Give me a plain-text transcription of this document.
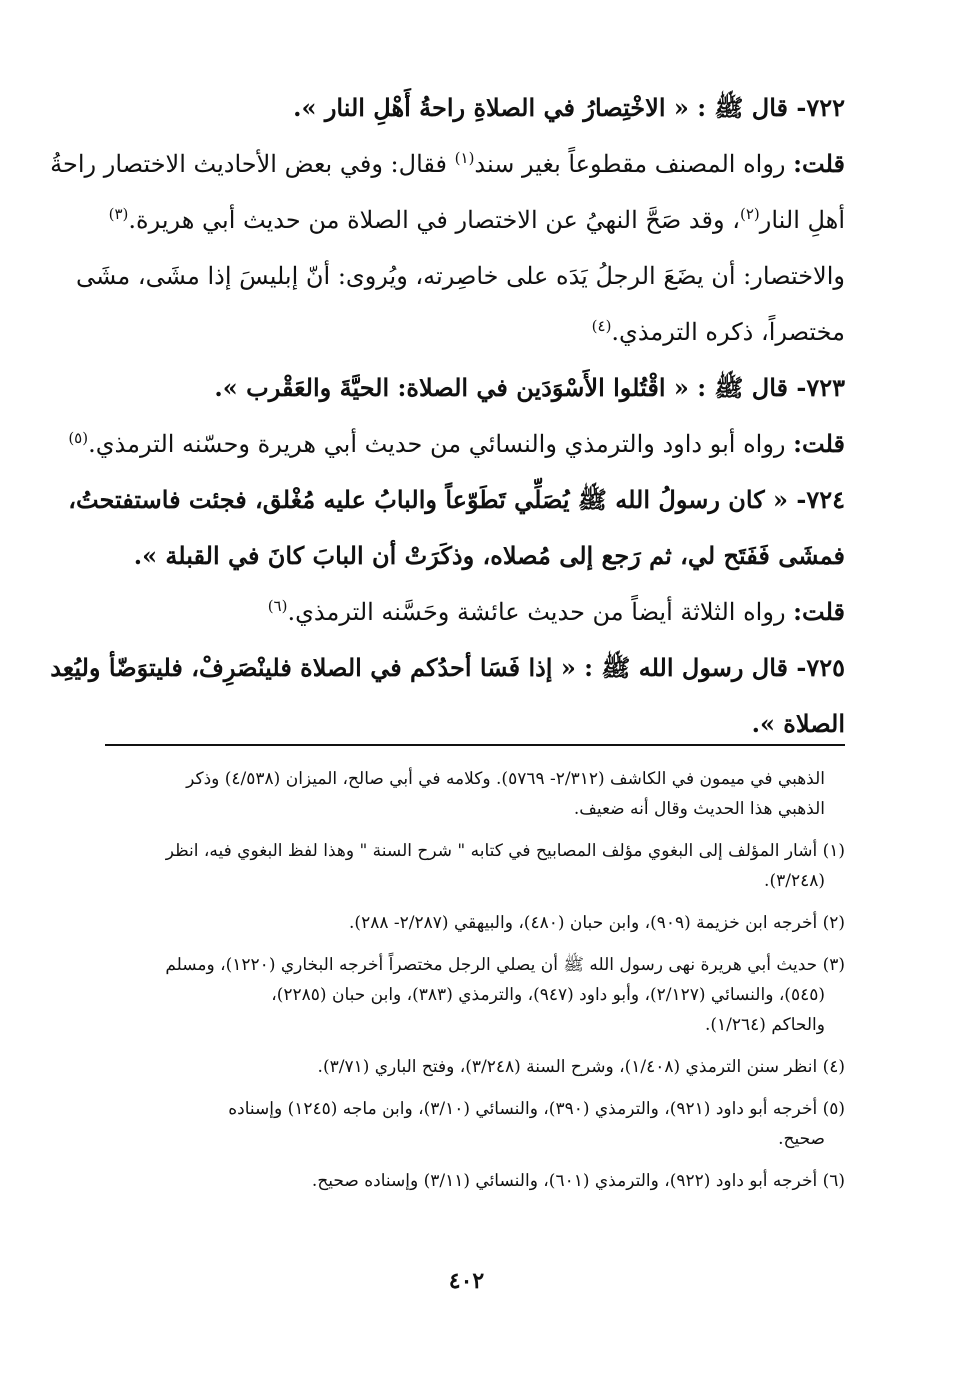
٧٢٢- قال ﷺ : « الاخْتِصارُ في الصلاةِ راحةُ أَهْلِ النار ».
قلت: رواه المصنف مقطوعاً بغير سند$^{(١)}$ فقال: وفي بعض الأحاديث الاختصار راحةُ
أهلِ النار$^{(٢)}$، وقد صَحَّ النهيُ عن الاختصار في الصلاة من حديث أبي هريرة.$^{(٣)}$
والاختصار: أن يضَعَ الرجلُ يَدَه على خاصِرته، ويُروى: أنّ إبليسَ إذا مشَى، مشَى
مختصراً، ذكره الترمذي.$^{(٤)}$
٧٢٣- قال ﷺ : « اقْتُلوا الأَسْوَدَين في الصلاة: الحيَّةَ والعَقْرب ».
قلت: رواه أبو داود والترمذي والنسائي من حديث أبي هريرة وحسّنه الترمذي.$^{(٥)}$
٧٢٤- « كان رسولُ الله ﷺ يُصَلِّي تَطَوّعاً والبابُ عليه مُغْلق، فجئت فاستفتحتُ،
فمشَى فَفَتَح لي، ثم رَجع إلى مُصلاه، وذكَرَتْ أن البابَ كانَ في القبلة ».
قلت: رواه الثلاثة أيضاً من حديث عائشة وحَسَّنه الترمذي.$^{(٦)}$
٧٢٥- قال رسول الله ﷺ : « إذا فَسَا أحدُكم في الصلاة فلينْصَرِفْ، فليتوَضّأ وليُعِد
الصلاة ».
الذهبي في ميمون في الكاشف (٢/٣١٢- ٥٧٦٩). وكلامه في أبي صالح، الميزان (٤/٥٣٨) وذكر
الذهبي هذا الحديث وقال أنه ضعيف.
(١) أشار المؤلف إلى البغوي مؤلف المصابيح في كتابه " شرح السنة " وهذا لفظ البغوي فيه، انظر
(٣/٢٤٨).
(٢) أخرجه ابن خزيمة (٩٠٩)، وابن حبان (٤٨٠)، والبيهقي (٢/٢٨٧- ٢٨٨).
(٣) حديث أبي هريرة نهى رسول الله ﷺ أن يصلي الرجل مختصراً أخرجه البخاري (١٢٢٠)، ومسلم
(٥٤٥)، والنسائي (٢/١٢٧)، وأبو داود (٩٤٧)، والترمذي (٣٨٣)، وابن حبان (٢٢٨٥)،
والحاكم (١/٢٦٤).
(٤) انظر سنن الترمذي (١/٤٠٨)، وشرح السنة (٣/٢٤٨)، وفتح الباري (٣/٧١).
(٥) أخرجه أبو داود (٩٢١)، والترمذي (٣٩٠)، والنسائي (٣/١٠)، وابن ماجه (١٢٤٥) وإسناده
صحيح.
(٦) أخرجه أبو داود (٩٢٢)، والترمذي (٦٠١)، والنسائي (٣/١١) وإسناده صحيح.
٤٠٢
